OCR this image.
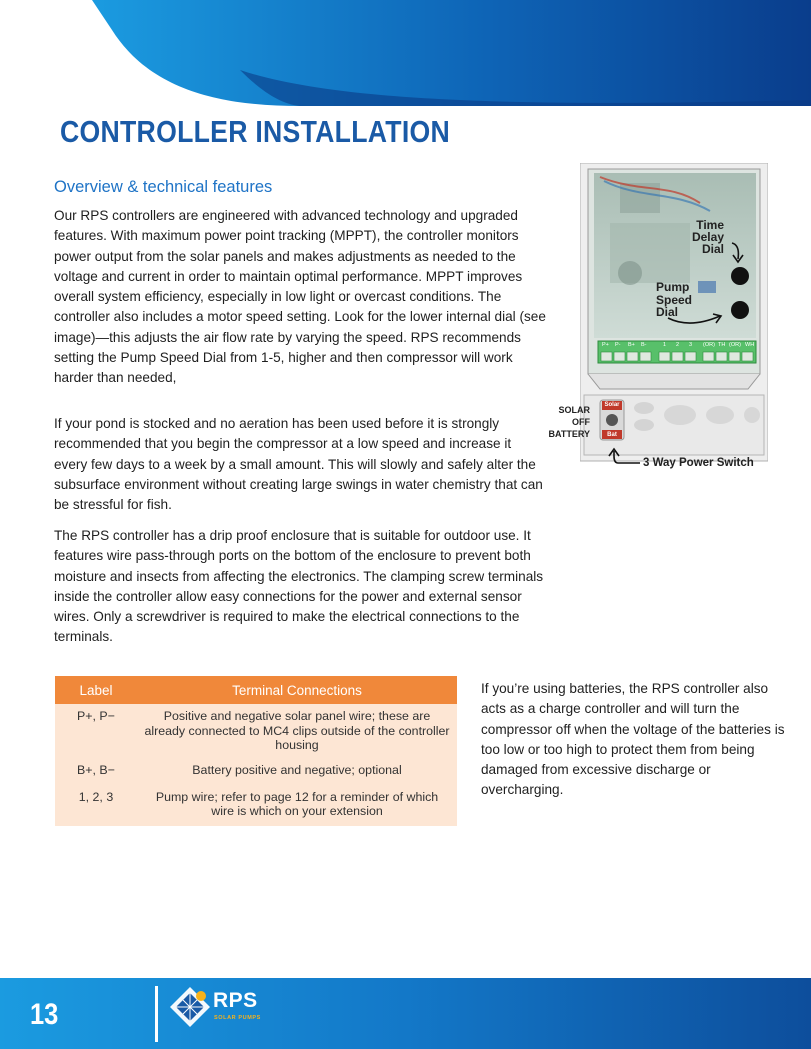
CONTROLLER INSTALLATION
Overview & technical features
Our RPS controllers are engineered with advanced technology and upgraded features. With maximum power point tracking (MPPT), the controller monitors power output from the solar panels and makes adjustments as needed to the voltage and current in order to maintain optimal performance. MPPT improves overall system efficiency, especially in low light or overcast conditions. The controller also includes a motor speed setting. Look for the lower internal dial (see image)—this adjusts the air flow rate by varying the speed. RPS recommends setting the Pump Speed Dial from 1-5, higher and then compressor will work harder than needed,
If your pond is stocked and no aeration has been used before it is strongly recommended that you begin the compressor at a low speed and increase it every few days to a week by a small amount. This will slowly and safely alter the subsurface environment without creating large swings in water chemistry that can be stressful for fish.
The RPS controller has a drip proof enclosure that is suitable for outdoor use. It features wire pass-through ports on the bottom of the enclosure to prevent both moisture and insects from affecting the electronics. The clamping screw terminals inside the controller allow easy connections for the power and external sensor wires. Only a screwdriver is required to make the electrical connections to the terminals.
If you’re using batteries, the RPS controller also acts as a charge controller and will turn the compressor off when the voltage of the batteries is too low or too high to protect them from being damaged from excessive discharge or overcharging.
Time
Delay
Dial
Pump
Speed
Dial
P+ P- B+ B-	1 2 3 (OR) TH (OR) WH
Solar
Bat
SOLAR
OFF
BATTERY
3 Way Power Switch
Label	Terminal Connections
P+, P−	Positive and negative solar panel wire; these are already connected to MC4 clips outside of the controller housing
B+, B−	Battery positive and negative; optional
1, 2, 3	Pump wire; refer to page 12 for a reminder of which wire is which on your extension
13	RPS
SOLAR PUMPS
